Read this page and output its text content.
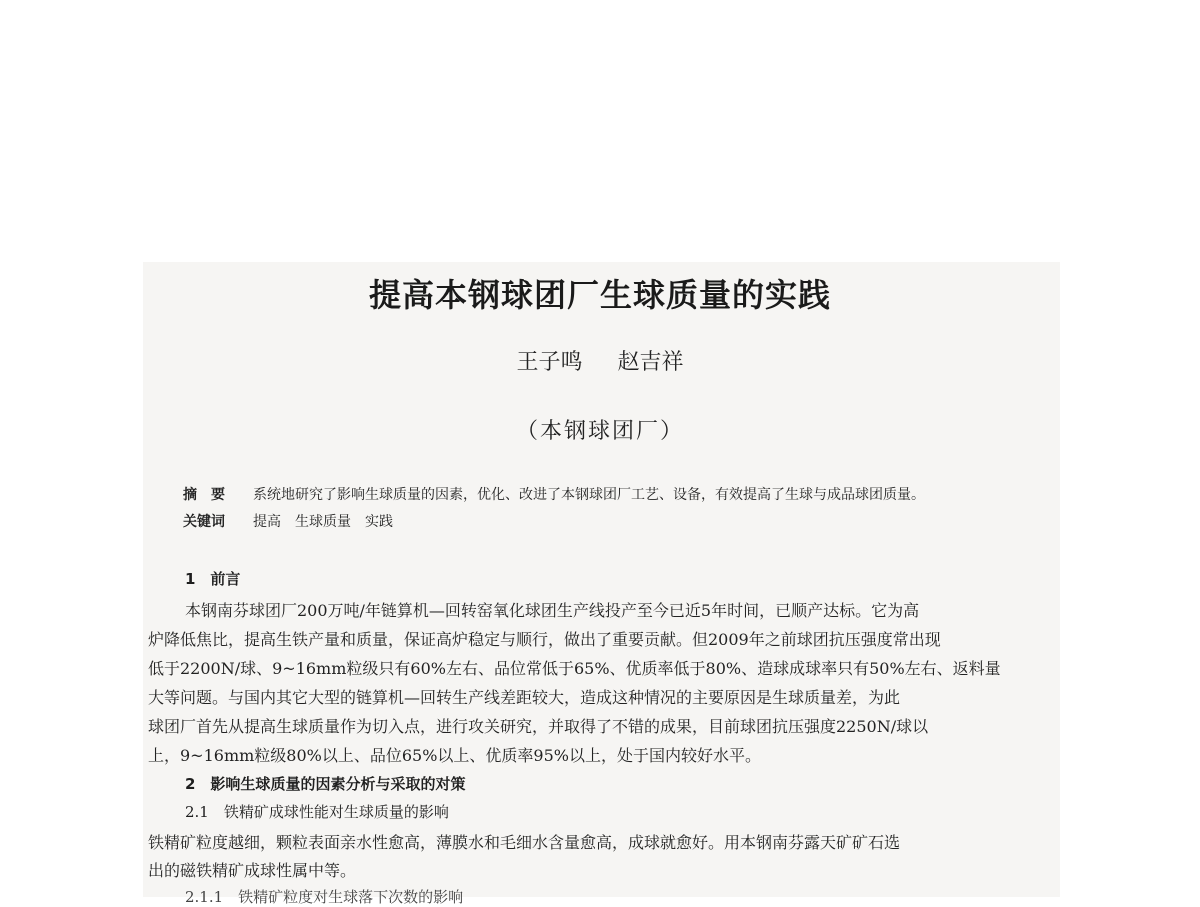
提高本钢球团厂生球质量的实践
王子鸣 赵吉祥
（本钢球团厂）
摘　要 系统地研究了影响生球质量的因素，优化、改进了本钢球团厂工艺、设备，有效提高了生球与成品球团质量。
关键词 提高　生球质量　实践
1　前言
本钢南芬球团厂200万吨/年链算机—回转窑氧化球团生产线投产至今已近5年时间，已顺产达标。它为高
炉降低焦比，提高生铁产量和质量，保证高炉稳定与顺行，做出了重要贡献。但2009年之前球团抗压强度常出现
低于2200N/球、9~16mm粒级只有60%左右、品位常低于65%、优质率低于80%、造球成球率只有50%左右、返料量
大等问题。与国内其它大型的链算机—回转生产线差距较大，造成这种情况的主要原因是生球质量差，为此
球团厂首先从提高生球质量作为切入点，进行攻关研究，并取得了不错的成果，目前球团抗压强度2250N/球以
上，9~16mm粒级80%以上、品位65%以上、优质率95%以上，处于国内较好水平。
2　影响生球质量的因素分析与采取的对策
2.1　铁精矿成球性能对生球质量的影响
铁精矿粒度越细，颗粒表面亲水性愈高，薄膜水和毛细水含量愈高，成球就愈好。用本钢南芬露天矿矿石选
出的磁铁精矿成球性属中等。
2.1.1　铁精矿粒度对生球落下次数的影响
